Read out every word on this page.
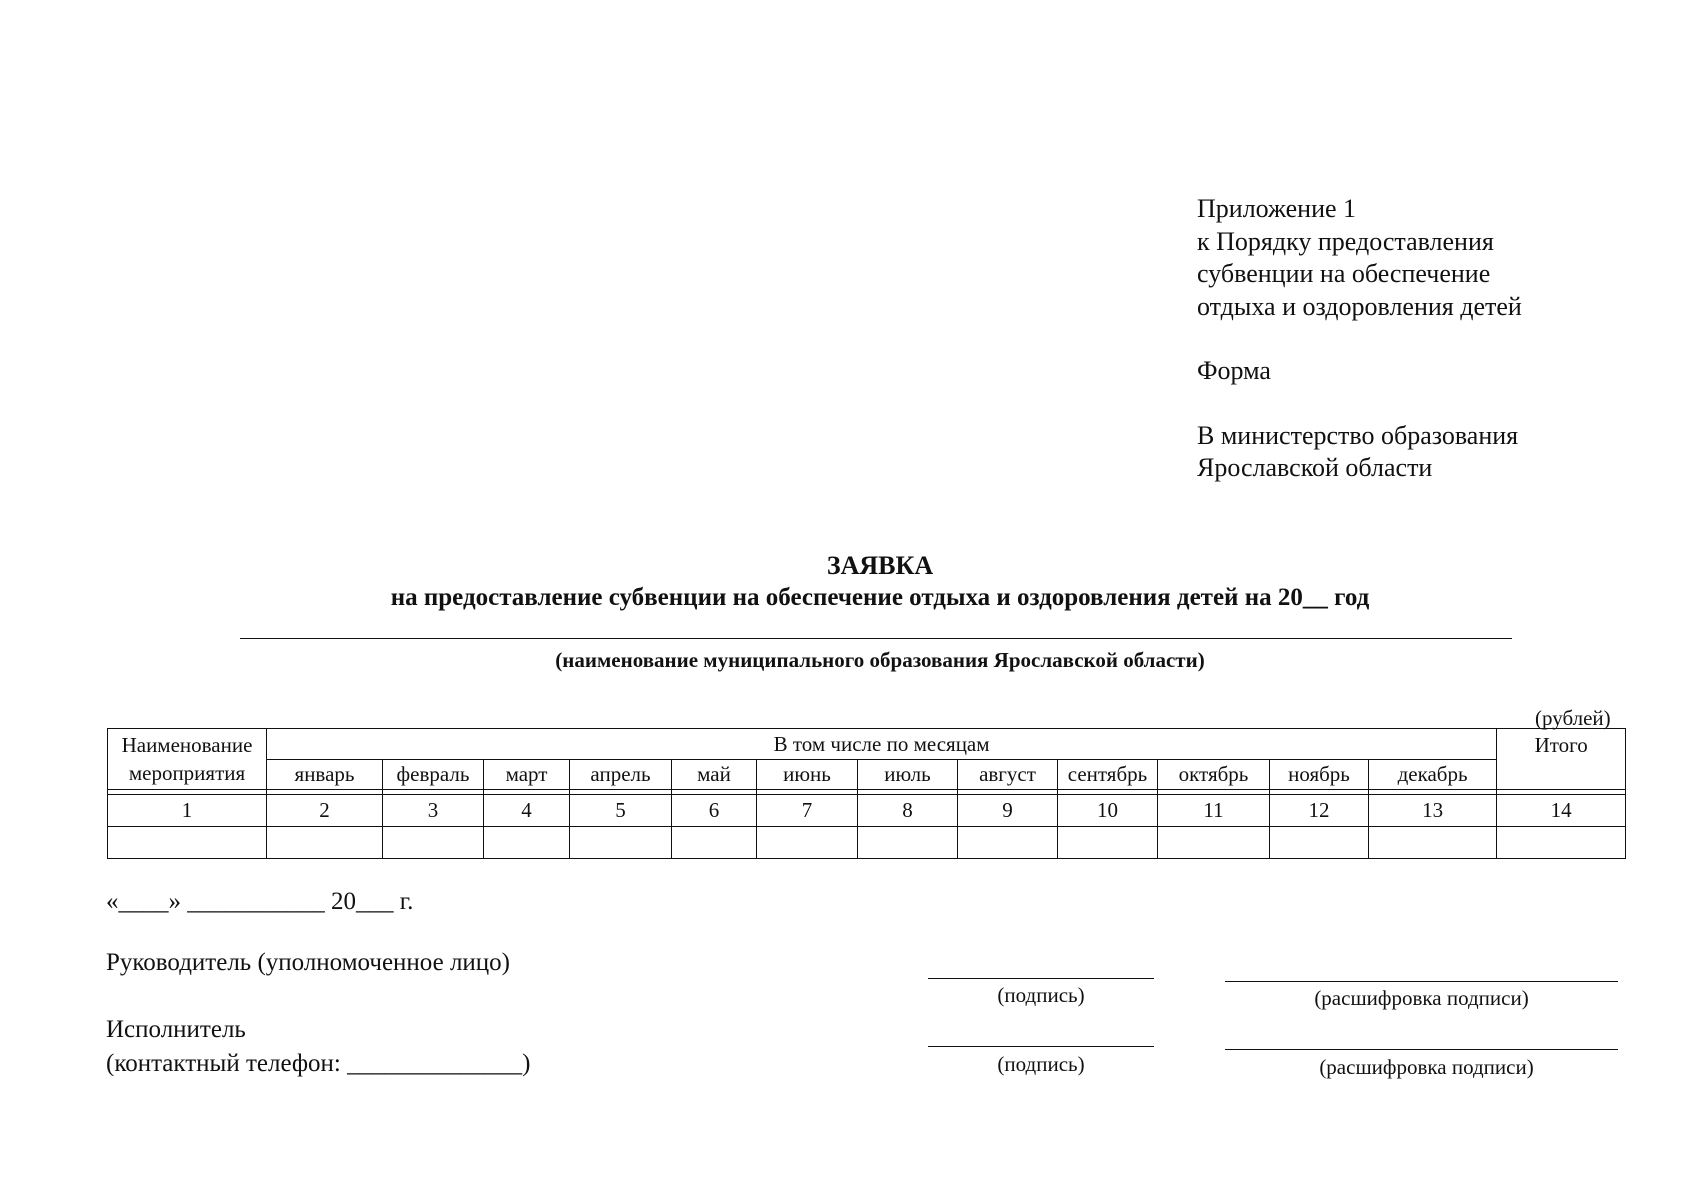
Приложение 1
к Порядку предоставления
субвенции на обеспечение
отдыха и оздоровления детей
Форма
В министерство образования
Ярославской области
ЗАЯВКА
на предоставление субвенции на обеспечение отдыха и оздоровления детей на 20__ год
(наименование муниципального образования Ярославской области)
(рублей)
Наименование
мероприятия	В том числе по месяцам												Итого
	январь	февраль	март	апрель	май	июнь	июль	август	сентябрь	октябрь	ноябрь	декабрь	

1	2	3	4	5	6	7	8	9	10	11	12	13	14

«____» ___________ 20___ г.
Руководитель (уполномоченное лицо)
(подпись)	(расшифровка подписи)
Исполнитель
(контактный телефон: ______________)	(подпись)	(расшифровка подписи)
